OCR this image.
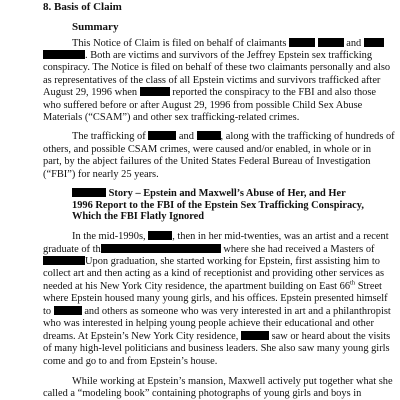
8. Basis of Claim
Summary
This Notice of Claim is filed on behalf of claimants	and
. Both are victims and survivors of the Jeffrey Epstein sex trafficking
conspiracy. The Notice is filed on behalf of these two claimants personally and also
as representatives of the class of all Epstein victims and survivors trafficked after
August 29, 1996 when	reported the conspiracy to the FBI and also those
who suffered before or after August 29, 1996 from possible Child Sex Abuse
Materials (“CSAM”) and other sex trafficking-related crimes.
The trafficking of	and	, along with the trafficking of hundreds of
others, and possible CSAM crimes, were caused and/or enabled, in whole or in
part, by the abject failures of the United States Federal Bureau of Investigation
(“FBI”) for nearly 25 years.
Story – Epstein and Maxwell’s Abuse of Her, and Her
1996 Report to the FBI of the Epstein Sex Trafficking Conspiracy,
Which the FBI Flatly Ignored
In the mid-1990s,	, then in her mid-twenties, was an artist and a recent
graduate of th	where she had received a Masters of
Upon graduation, she started working for Epstein, first assisting him to
collect art and then acting as a kind of receptionist and providing other services as
needed at his New York City residence, the apartment building on East 66th Street
where Epstein housed many young girls, and his offices. Epstein presented himself
to	and others as someone who was very interested in art and a philanthropist
who was interested in helping young people achieve their educational and other
dreams. At Epstein’s New York City residence,	saw or heard about the visits
of many high-level politicians and business leaders. She also saw many young girls
come and go to and from Epstein’s house.
While working at Epstein’s mansion, Maxwell actively put together what she
called a “modeling book” containing photographs of young girls and boys in
